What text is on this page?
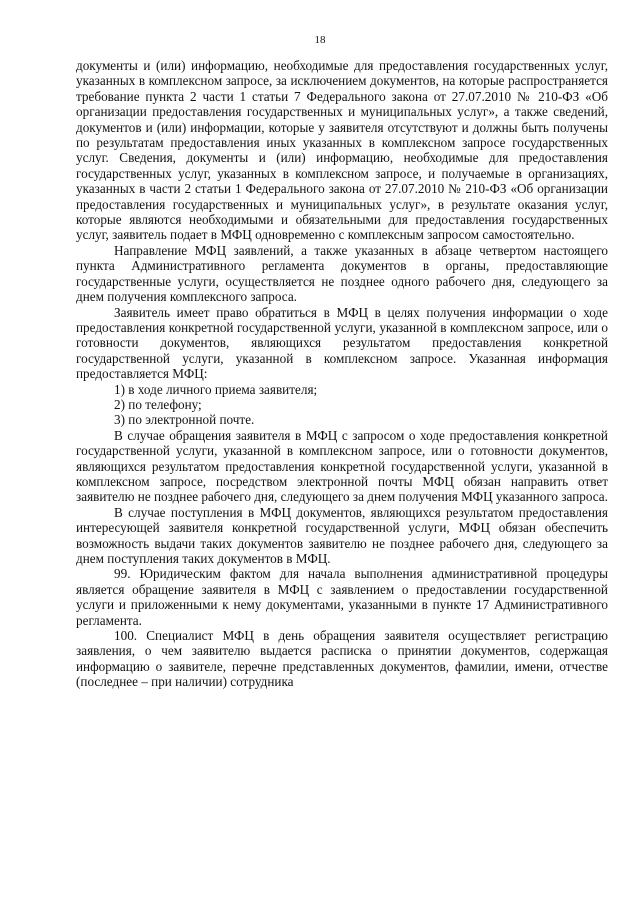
18

документы и (или) информацию, необходимые для предоставления государственных услуг, указанных в комплексном запросе, за исключением документов, на которые распространяется требование пункта 2 части 1 статьи 7 Федерального закона от 27.07.2010 № 210-ФЗ «Об организации предоставления государственных и муниципальных услуг», а также сведений, документов и (или) информации, которые у заявителя отсутствуют и должны быть получены по результатам предоставления иных указанных в комплексном запросе государственных услуг. Сведения, документы и (или) информацию, необходимые для предоставления государственных услуг, указанных в комплексном запросе, и получаемые в организациях, указанных в части 2 статьи 1 Федерального закона от 27.07.2010 № 210-ФЗ «Об организации предоставления государственных и муниципальных услуг», в результате оказания услуг, которые являются необходимыми и обязательными для предоставления государственных услуг, заявитель подает в МФЦ одновременно с комплексным запросом самостоятельно.

Направление МФЦ заявлений, а также указанных в абзаце четвертом настоящего пункта Административного регламента документов в органы, предоставляющие государственные услуги, осуществляется не позднее одного рабочего дня, следующего за днем получения комплексного запроса.

Заявитель имеет право обратиться в МФЦ в целях получения информации о ходе предоставления конкретной государственной услуги, указанной в комплексном запросе, или о готовности документов, являющихся результатом предоставления конкретной государственной услуги, указанной в комплексном запросе. Указанная информация предоставляется МФЦ:

1) в ходе личного приема заявителя;

2) по телефону;

3) по электронной почте.

В случае обращения заявителя в МФЦ с запросом о ходе предоставления конкретной государственной услуги, указанной в комплексном запросе, или о готовности документов, являющихся результатом предоставления конкретной государственной услуги, указанной в комплексном запросе, посредством электронной почты МФЦ обязан направить ответ заявителю не позднее рабочего дня, следующего за днем получения МФЦ указанного запроса.

В случае поступления в МФЦ документов, являющихся результатом предоставления интересующей заявителя конкретной государственной услуги, МФЦ обязан обеспечить возможность выдачи таких документов заявителю не позднее рабочего дня, следующего за днем поступления таких документов в МФЦ.

99. Юридическим фактом для начала выполнения административной процедуры является обращение заявителя в МФЦ с заявлением о предоставлении государственной услуги и приложенными к нему документами, указанными в пункте 17 Административного регламента.

100. Специалист МФЦ в день обращения заявителя осуществляет регистрацию заявления, о чем заявителю выдается расписка о принятии документов, содержащая информацию о заявителе, перечне представленных документов, фамилии, имени, отчестве (последнее – при наличии) сотрудника
